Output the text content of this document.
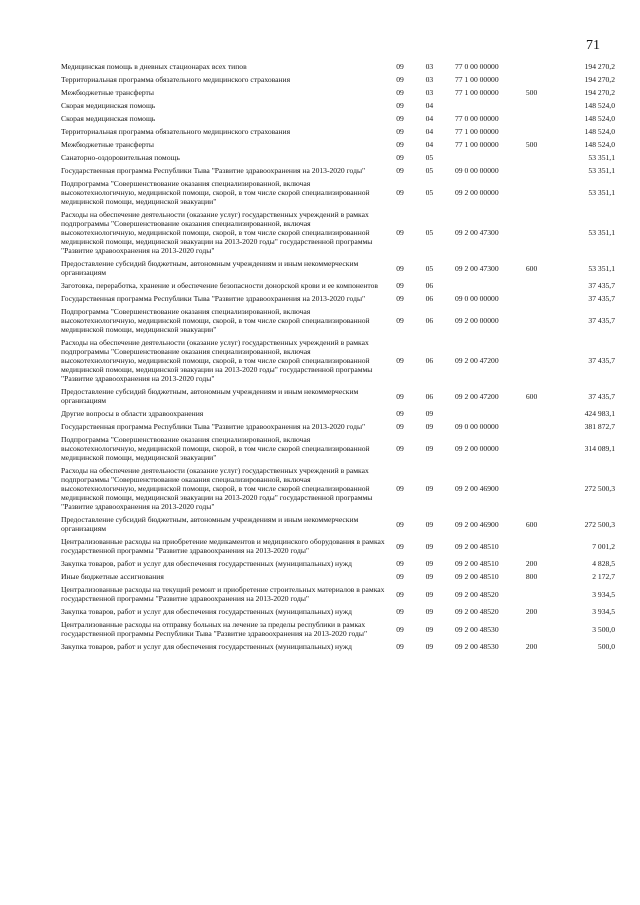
71
Медицинская помощь в дневных стационарах всех типов	09	03	77 0 00 00000		194 270,2
Территориальная программа обязательного медицинского страхования	09	03	77 1 00 00000		194 270,2
Межбюджетные трансферты	09	03	77 1 00 00000	500	194 270,2
Скорая медицинская помощь	09	04			148 524,0
Скорая медицинская помощь	09	04	77 0 00 00000		148 524,0
Территориальная программа обязательного медицинского страхования	09	04	77 1 00 00000		148 524,0
Межбюджетные трансферты	09	04	77 1 00 00000	500	148 524,0
Санаторно-оздоровительная помощь	09	05			53 351,1
Государственная программа Республики Тыва "Развитие здравоохранения на 2013-2020 годы"	09	05	09 0 00 00000		53 351,1
Подпрограмма "Совершенствование оказания специализированной, включая высокотехнологичную, медицинской помощи, скорой, в том числе скорой специализированной медицинской помощи, медицинской эвакуации"	09	05	09 2 00 00000		53 351,1
Расходы на обеспечение деятельности (оказание услуг) государственных учреждений в рамках подпрограммы "Совершенствование оказания специализированной, включая высокотехнологичную, медицинской помощи, скорой, в том числе скорой специализированной медицинской помощи, медицинской эвакуации на 2013-2020 годы" государственной программы "Развитие здравоохранения на 2013-2020 годы"	09	05	09 2 00 47300		53 351,1
Предоставление субсидий бюджетным, автономным учреждениям и иным некоммерческим организациям	09	05	09 2 00 47300	600	53 351,1
Заготовка, переработка, хранение и обеспечение безопасности донорской крови и ее компонентов	09	06			37 435,7
Государственная программа Республики Тыва "Развитие здравоохранения на 2013-2020 годы"	09	06	09 0 00 00000		37 435,7
Подпрограмма "Совершенствование оказания специализированной, включая высокотехнологичную, медицинской помощи, скорой, в том числе скорой специализированной медицинской помощи, медицинской эвакуации"	09	06	09 2 00 00000		37 435,7
Расходы на обеспечение деятельности (оказание услуг) государственных учреждений в рамках подпрограммы "Совершенствование оказания специализированной, включая высокотехнологичную, медицинской помощи, скорой, в том числе скорой специализированной медицинской помощи, медицинской эвакуации на 2013-2020 годы" государственной программы "Развитие здравоохранения на 2013-2020 годы"	09	06	09 2 00 47200		37 435,7
Предоставление субсидий бюджетным, автономным учреждениям и иным некоммерческим организациям	09	06	09 2 00 47200	600	37 435,7
Другие вопросы в области здравоохранения	09	09			424 983,1
Государственная программа Республики Тыва "Развитие здравоохранения на 2013-2020 годы"	09	09	09 0 00 00000		381 872,7
Подпрограмма "Совершенствование оказания специализированной, включая высокотехнологичную, медицинской помощи, скорой, в том числе скорой специализированной медицинской помощи, медицинской эвакуации"	09	09	09 2 00 00000		314 089,1
Расходы на обеспечение деятельности (оказание услуг) государственных учреждений в рамках подпрограммы "Совершенствование оказания специализированной, включая высокотехнологичную, медицинской помощи, скорой, в том числе скорой специализированной медицинской помощи, медицинской эвакуации на 2013-2020 годы" государственной программы "Развитие здравоохранения на 2013-2020 годы"	09	09	09 2 00 46900		272 500,3
Предоставление субсидий бюджетным, автономным учреждениям и иным некоммерческим организациям	09	09	09 2 00 46900	600	272 500,3
Централизованные расходы на приобретение медикаментов и медицинского оборудования в рамках государственной программы "Развитие здравоохранения на 2013-2020 годы"	09	09	09 2 00 48510		7 001,2
Закупка товаров, работ и услуг для обеспечения государственных (муниципальных) нужд	09	09	09 2 00 48510	200	4 828,5
Иные бюджетные ассигнования	09	09	09 2 00 48510	800	2 172,7
Централизованные расходы на текущий ремонт и приобретение строительных материалов в рамках государственной программы "Развитие здравоохранения на 2013-2020 годы"	09	09	09 2 00 48520		3 934,5
Закупка товаров, работ и услуг для обеспечения государственных (муниципальных) нужд	09	09	09 2 00 48520	200	3 934,5
Централизованные расходы на отправку больных на лечение за пределы республики в рамках государственной программы Республики Тыва "Развитие здравоохранения на 2013-2020 годы"	09	09	09 2 00 48530		3 500,0
Закупка товаров, работ и услуг для обеспечения государственных (муниципальных) нужд	09	09	09 2 00 48530	200	500,0
